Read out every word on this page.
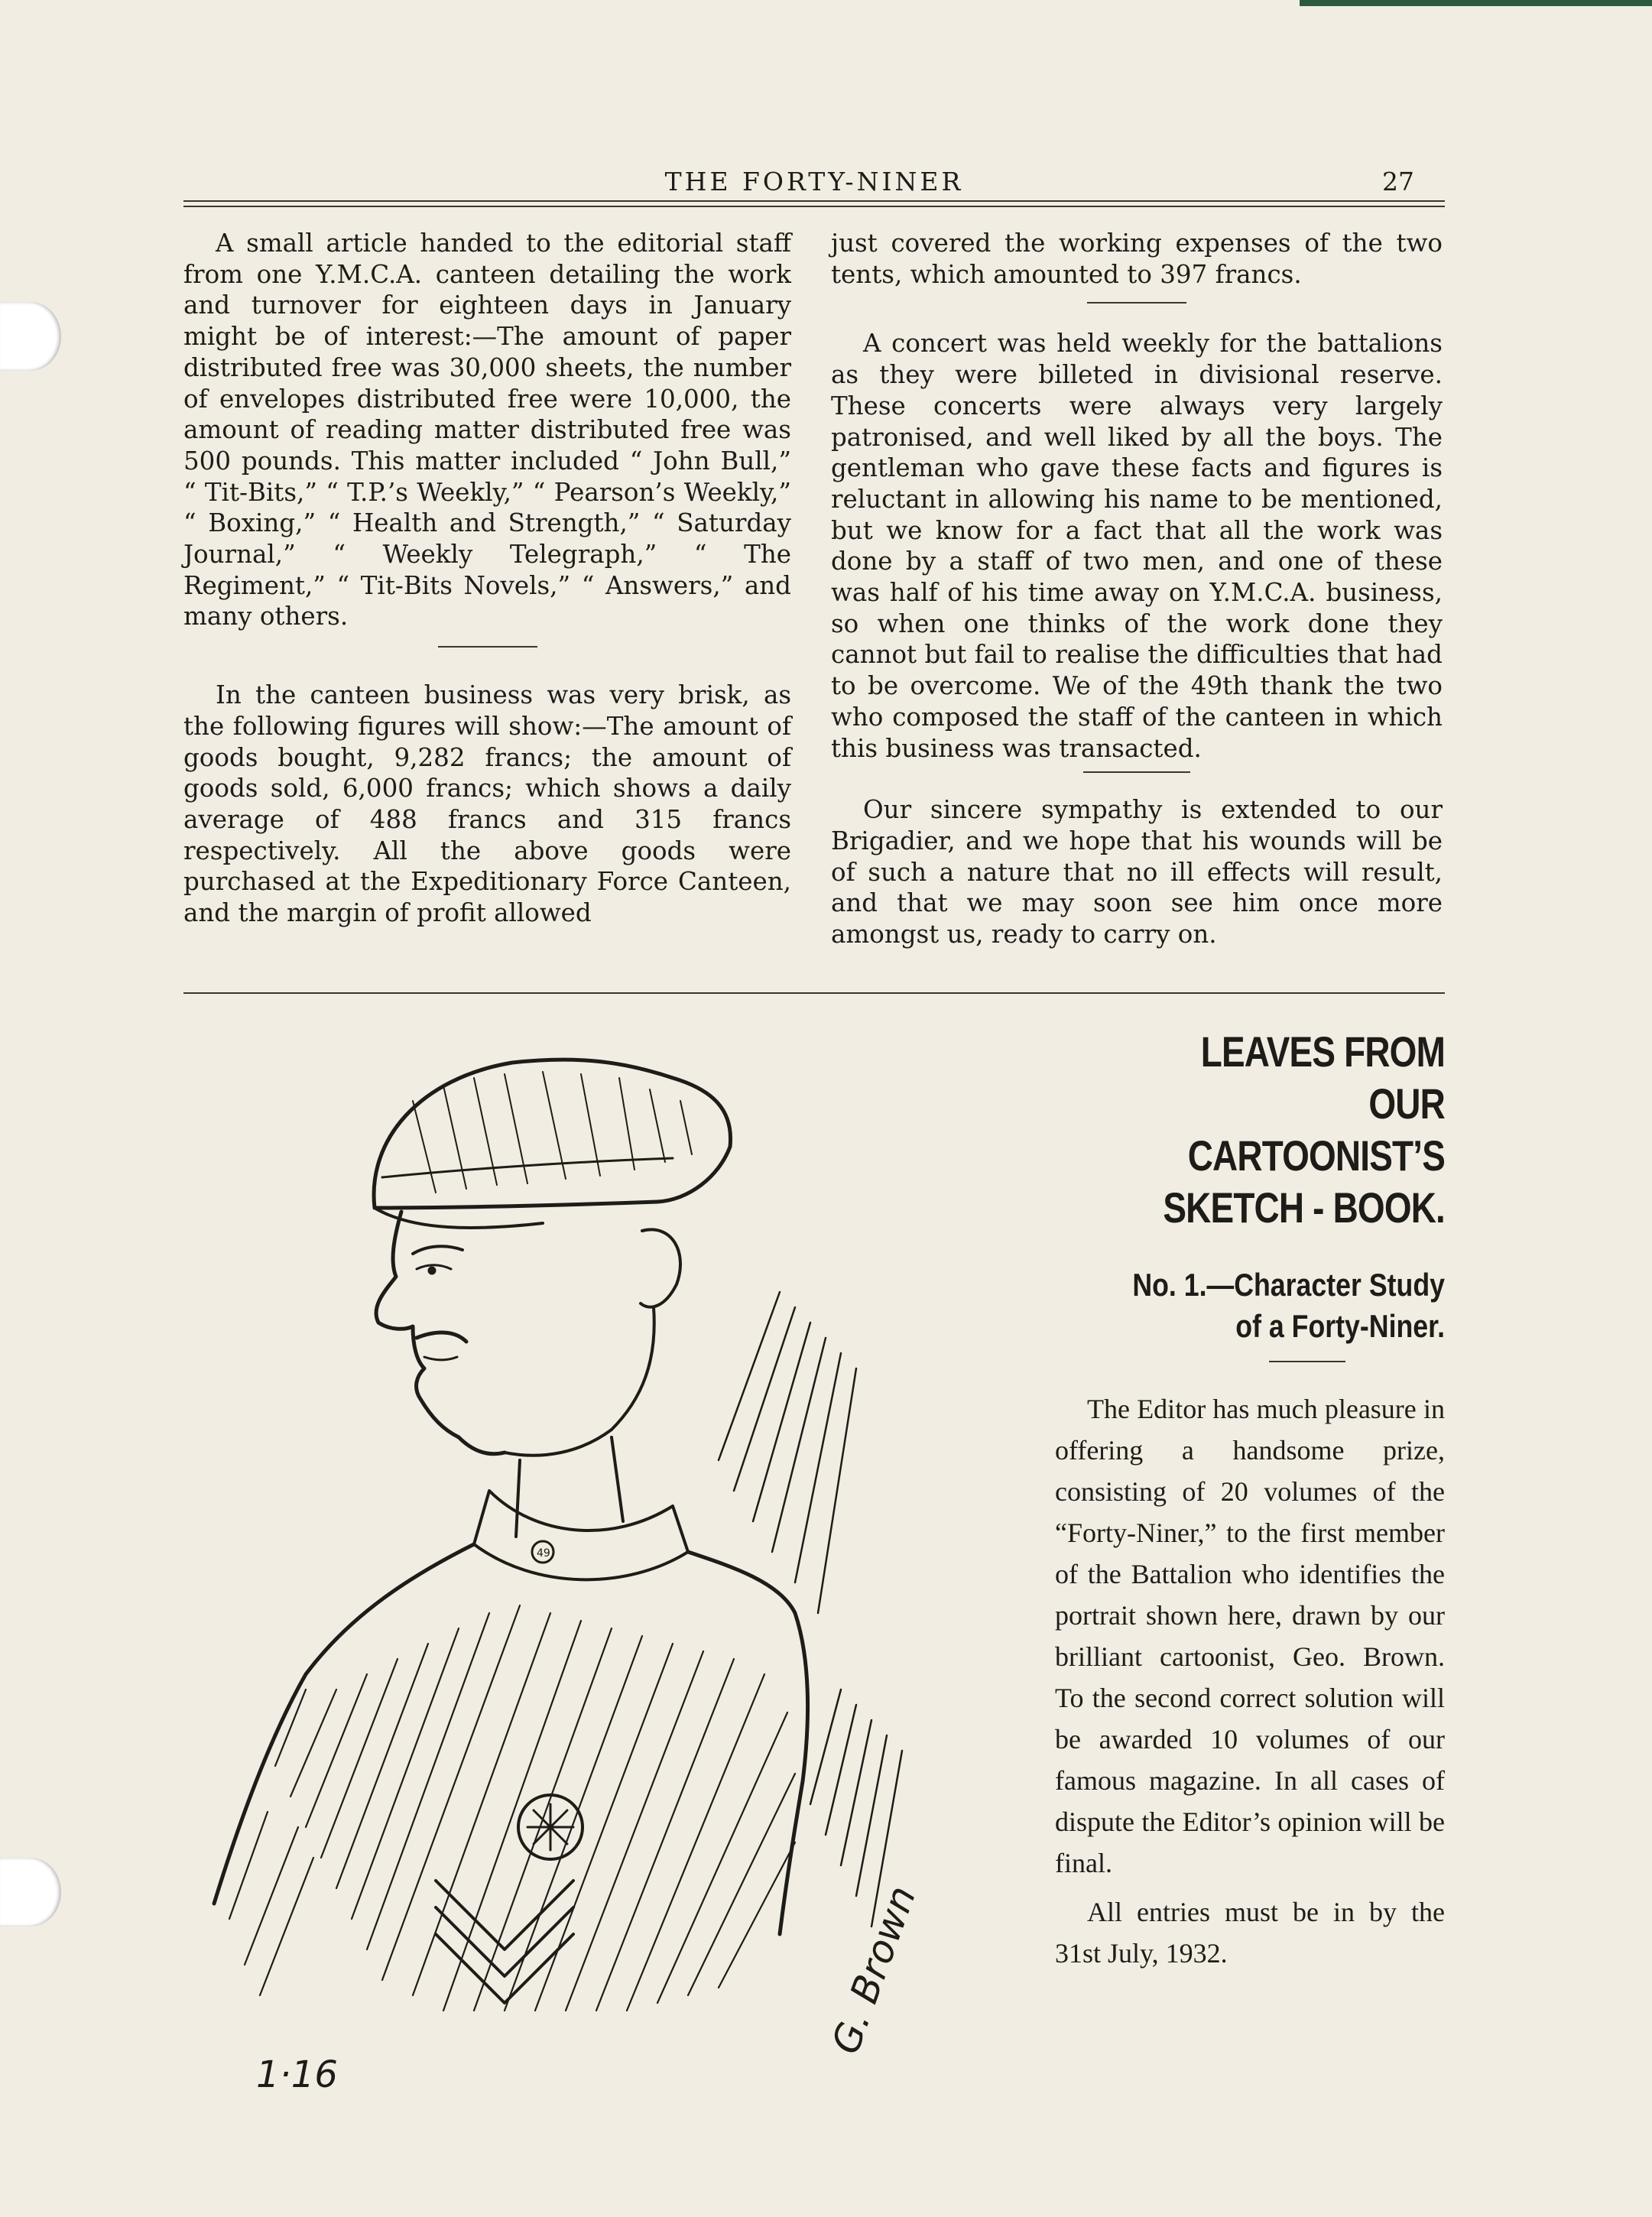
THE FORTY-NINER	27

A small article handed to the editorial staff from one Y.M.C.A. canteen detailing the work and turnover for eighteen days in January might be of interest:—The amount of paper distributed free was 30,000 sheets, the number of envelopes distributed free were 10,000, the amount of reading matter distributed free was 500 pounds. This matter included “ John Bull,” “ Tit-Bits,” “ T.P.’s Weekly,” “ Pearson’s Weekly,” “ Boxing,” “ Health and Strength,” “ Saturday Journal,” “ Weekly Telegraph,” “ The Regiment,” “ Tit-Bits Novels,” “ Answers,” and many others.

In the canteen business was very brisk, as the following figures will show:—The amount of goods bought, 9,282 francs; the amount of goods sold, 6,000 francs; which shows a daily average of 488 francs and 315 francs respectively. All the above goods were purchased at the Expeditionary Force Canteen, and the margin of profit allowed

just covered the working expenses of the two tents, which amounted to 397 francs.

A concert was held weekly for the battalions as they were billeted in divisional reserve. These concerts were always very largely patronised, and well liked by all the boys. The gentleman who gave these facts and figures is reluctant in allowing his name to be mentioned, but we know for a fact that all the work was done by a staff of two men, and one of these was half of his time away on Y.M.C.A. business, so when one thinks of the work done they cannot but fail to realise the difficulties that had to be overcome. We of the 49th thank the two who composed the staff of the canteen in which this business was transacted.

Our sincere sympathy is extended to our Brigadier, and we hope that his wounds will be of such a nature that no ill effects will result, and that we may soon see him once more amongst us, ready to carry on.

1·16
G. Brown
49
LEAVES FROM OUR
CARTOONIST’S
SKETCH - BOOK.
No. 1.—Character Study
of a Forty-Niner.

The Editor has much pleasure in offering a handsome prize, consisting of 20 volumes of the “Forty-Niner,” to the first member of the Battalion who identifies the portrait shown here, drawn by our brilliant cartoonist, Geo. Brown. To the second correct solution will be awarded 10 volumes of our famous magazine. In all cases of dispute the Editor’s opinion will be final.

All entries must be in by the 31st July, 1932.
